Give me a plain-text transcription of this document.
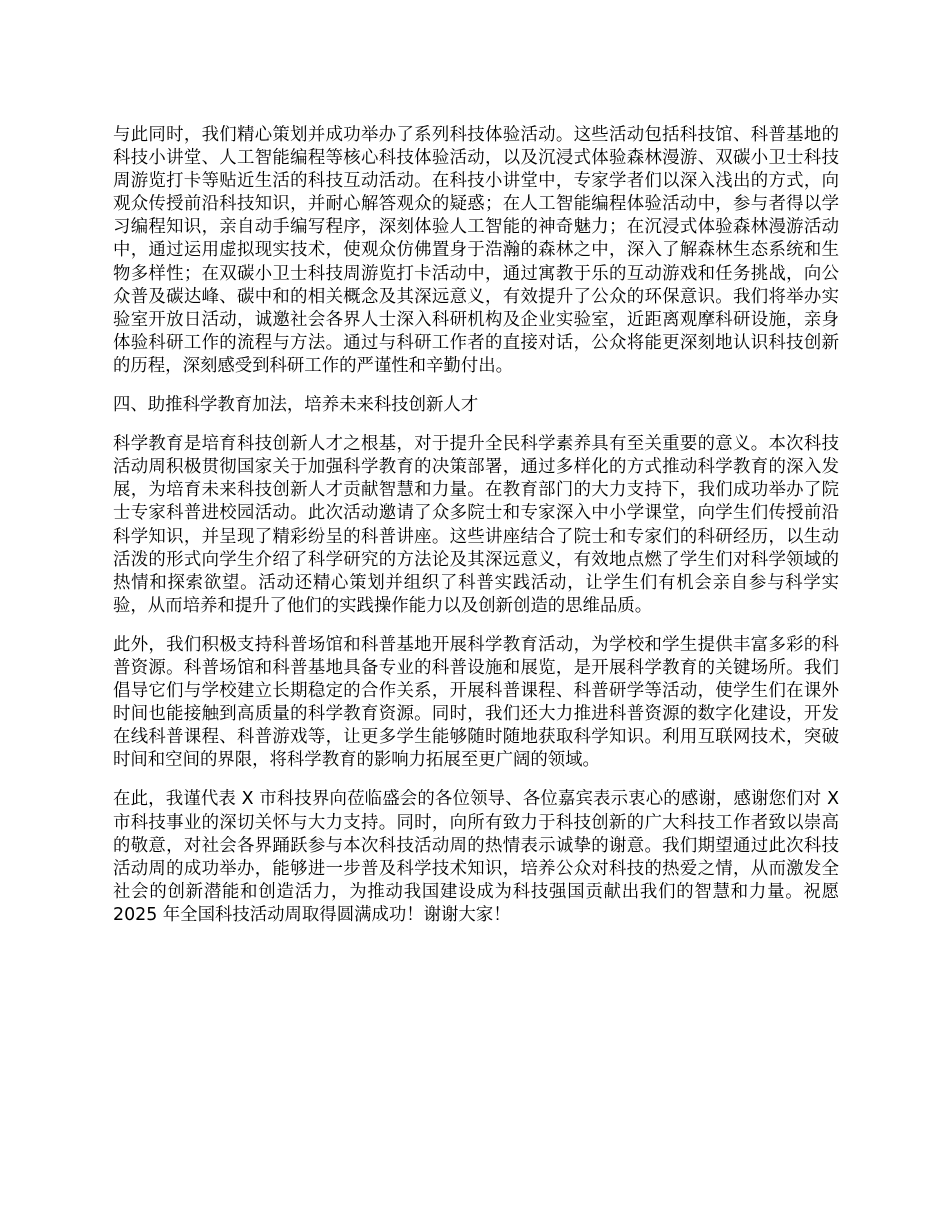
与此同时，我们精心策划并成功举办了系列科技体验活动。这些活动包括科技馆、科普基地的科技小讲堂、人工智能编程等核心科技体验活动，以及沉浸式体验森林漫游、双碳小卫士科技周游览打卡等贴近生活的科技互动活动。在科技小讲堂中，专家学者们以深入浅出的方式，向观众传授前沿科技知识，并耐心解答观众的疑惑；在人工智能编程体验活动中，参与者得以学习编程知识，亲自动手编写程序，深刻体验人工智能的神奇魅力；在沉浸式体验森林漫游活动中，通过运用虚拟现实技术，使观众仿佛置身于浩瀚的森林之中，深入了解森林生态系统和生物多样性；在双碳小卫士科技周游览打卡活动中，通过寓教于乐的互动游戏和任务挑战，向公众普及碳达峰、碳中和的相关概念及其深远意义，有效提升了公众的环保意识。我们将举办实验室开放日活动，诚邀社会各界人士深入科研机构及企业实验室，近距离观摩科研设施，亲身体验科研工作的流程与方法。通过与科研工作者的直接对话，公众将能更深刻地认识科技创新的历程，深刻感受到科研工作的严谨性和辛勤付出。

四、助推科学教育加法，培养未来科技创新人才

科学教育是培育科技创新人才之根基，对于提升全民科学素养具有至关重要的意义。本次科技活动周积极贯彻国家关于加强科学教育的决策部署，通过多样化的方式推动科学教育的深入发展，为培育未来科技创新人才贡献智慧和力量。在教育部门的大力支持下，我们成功举办了院士专家科普进校园活动。此次活动邀请了众多院士和专家深入中小学课堂，向学生们传授前沿科学知识，并呈现了精彩纷呈的科普讲座。这些讲座结合了院士和专家们的科研经历，以生动活泼的形式向学生介绍了科学研究的方法论及其深远意义，有效地点燃了学生们对科学领域的热情和探索欲望。活动还精心策划并组织了科普实践活动，让学生们有机会亲自参与科学实验，从而培养和提升了他们的实践操作能力以及创新创造的思维品质。

此外，我们积极支持科普场馆和科普基地开展科学教育活动，为学校和学生提供丰富多彩的科普资源。科普场馆和科普基地具备专业的科普设施和展览，是开展科学教育的关键场所。我们倡导它们与学校建立长期稳定的合作关系，开展科普课程、科普研学等活动，使学生们在课外时间也能接触到高质量的科学教育资源。同时，我们还大力推进科普资源的数字化建设，开发在线科普课程、科普游戏等，让更多学生能够随时随地获取科学知识。利用互联网技术，突破时间和空间的界限，将科学教育的影响力拓展至更广阔的领域。

在此，我谨代表 X 市科技界向莅临盛会的各位领导、各位嘉宾表示衷心的感谢，感谢您们对 X 市科技事业的深切关怀与大力支持。同时，向所有致力于科技创新的广大科技工作者致以崇高的敬意，对社会各界踊跃参与本次科技活动周的热情表示诚挚的谢意。我们期望通过此次科技活动周的成功举办，能够进一步普及科学技术知识，培养公众对科技的热爱之情，从而激发全社会的创新潜能和创造活力，为推动我国建设成为科技强国贡献出我们的智慧和力量。祝愿 2025 年全国科技活动周取得圆满成功！谢谢大家！
